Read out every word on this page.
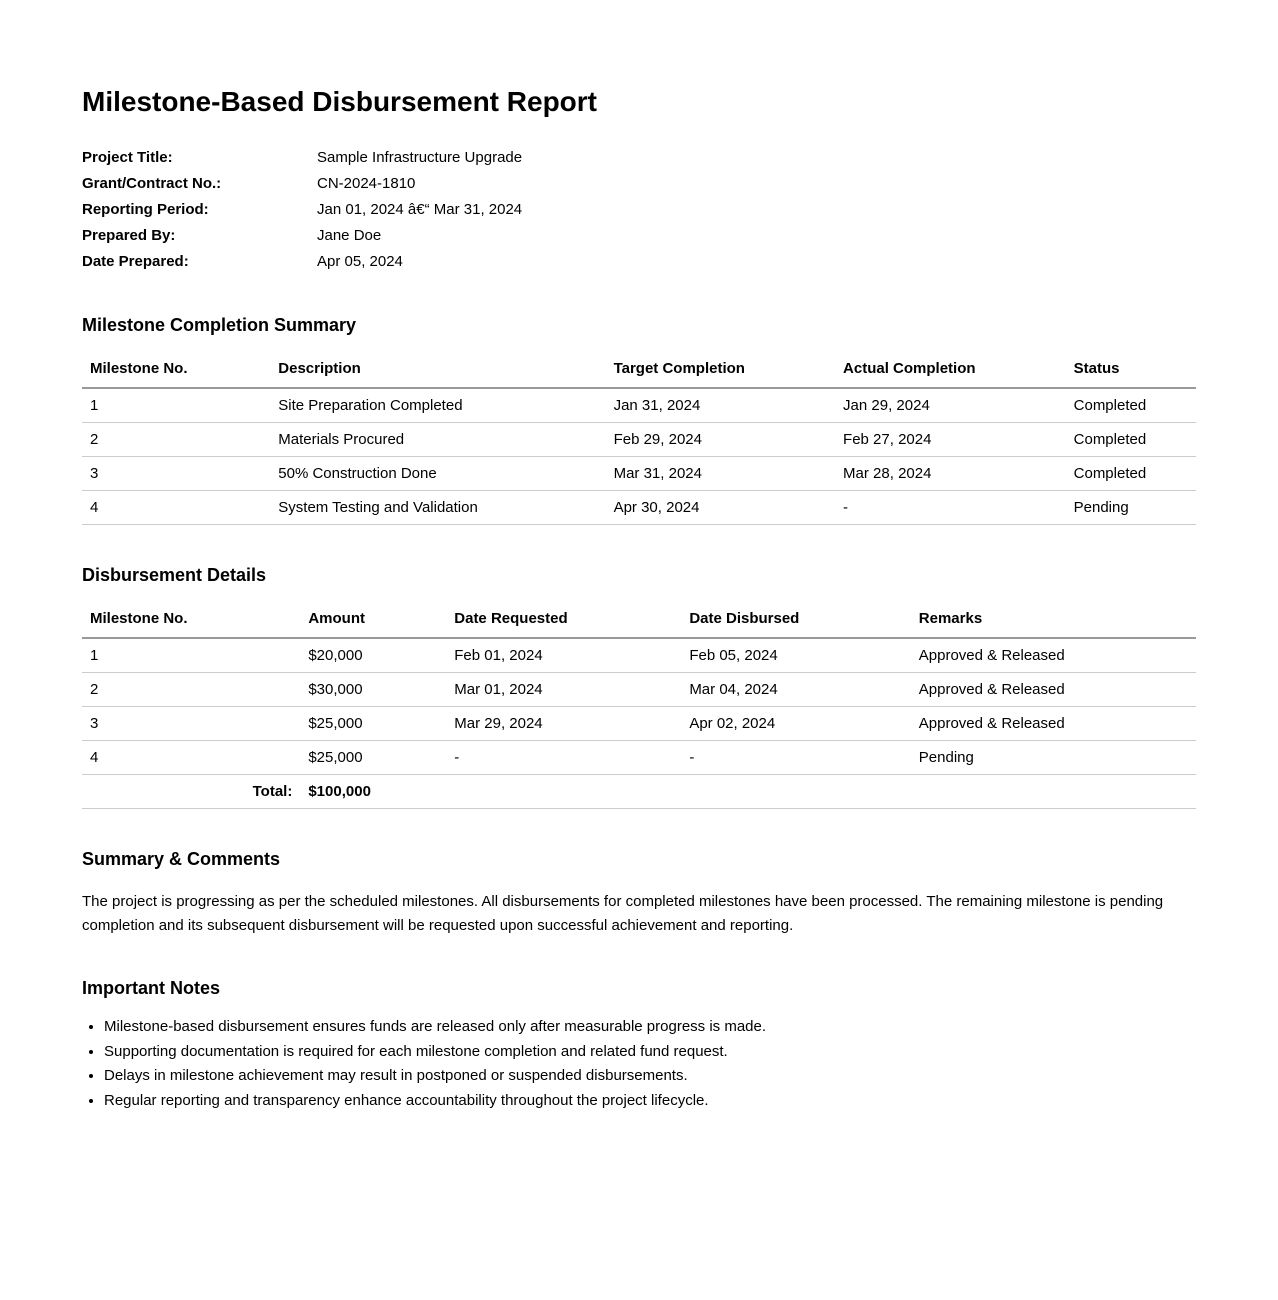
Milestone-Based Disbursement Report
Project Title:	Sample Infrastructure Upgrade
Grant/Contract No.:	CN-2024-1810
Reporting Period:	Jan 01, 2024 â€“ Mar 31, 2024
Prepared By:	Jane Doe
Date Prepared:	Apr 05, 2024
Milestone Completion Summary
Milestone No.	Description	Target Completion	Actual Completion	Status
1	Site Preparation Completed	Jan 31, 2024	Jan 29, 2024	Completed
2	Materials Procured	Feb 29, 2024	Feb 27, 2024	Completed
3	50% Construction Done	Mar 31, 2024	Mar 28, 2024	Completed
4	System Testing and Validation	Apr 30, 2024	-	Pending
Disbursement Details
Milestone No.	Amount	Date Requested	Date Disbursed	Remarks
1	$20,000	Feb 01, 2024	Feb 05, 2024	Approved & Released
2	$30,000	Mar 01, 2024	Mar 04, 2024	Approved & Released
3	$25,000	Mar 29, 2024	Apr 02, 2024	Approved & Released
4	$25,000	-	-	Pending
Total:	$100,000			
Summary & Comments

The project is progressing as per the scheduled milestones. All disbursements for completed milestones have been processed. The remaining milestone is pending completion and its subsequent disbursement will be requested upon successful achievement and reporting.

Important Notes
• Milestone-based disbursement ensures funds are released only after measurable progress is made.
• Supporting documentation is required for each milestone completion and related fund request.
• Delays in milestone achievement may result in postponed or suspended disbursements.
• Regular reporting and transparency enhance accountability throughout the project lifecycle.
